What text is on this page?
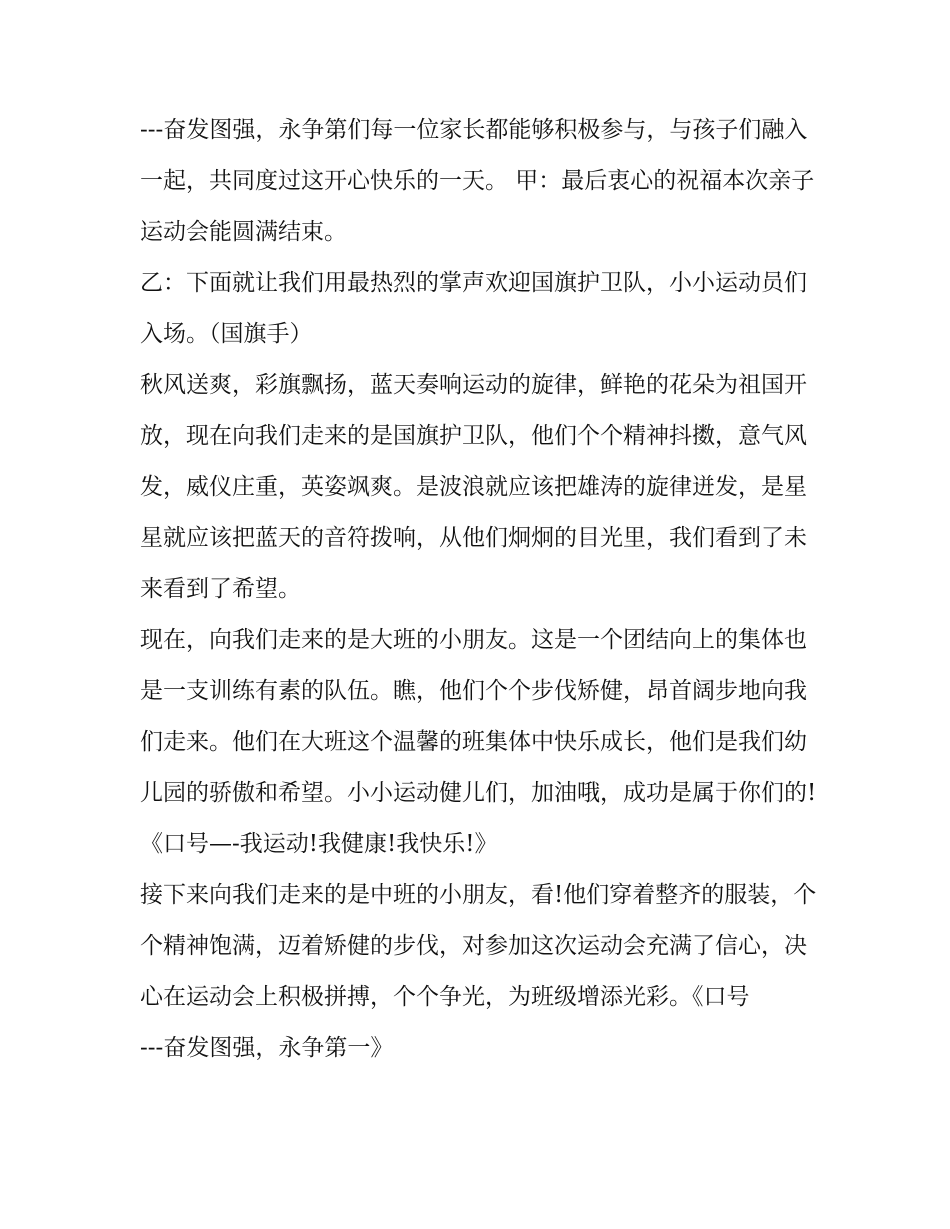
---奋发图强，永争第们每一位家长都能够积极参与，与孩子们融入一起，共同度过这开心快乐的一天。 甲：最后衷心的祝福本次亲子运动会能圆满结束。

乙：下面就让我们用最热烈的掌声欢迎国旗护卫队，小小运动员们入场。（国旗手）

秋风送爽，彩旗飘扬，蓝天奏响运动的旋律，鲜艳的花朵为祖国开放，现在向我们走来的是国旗护卫队，他们个个精神抖擞，意气风发，威仪庄重，英姿飒爽。是波浪就应该把雄涛的旋律迸发，是星星就应该把蓝天的音符拨响，从他们炯炯的目光里，我们看到了未来看到了希望。

现在，向我们走来的是大班的小朋友。这是一个团结向上的集体也是一支训练有素的队伍。瞧，他们个个步伐矫健，昂首阔步地向我们走来。他们在大班这个温馨的班集体中快乐成长，他们是我们幼儿园的骄傲和希望。小小运动健儿们，加油哦，成功是属于你们的!《口号—-我运动!我健康!我快乐!》

接下来向我们走来的是中班的小朋友，看!他们穿着整齐的服装，个个精神饱满，迈着矫健的步伐，对参加这次运动会充满了信心，决心在运动会上积极拼搏，个个争光，为班级增添光彩。《口号

---奋发图强，永争第一》
